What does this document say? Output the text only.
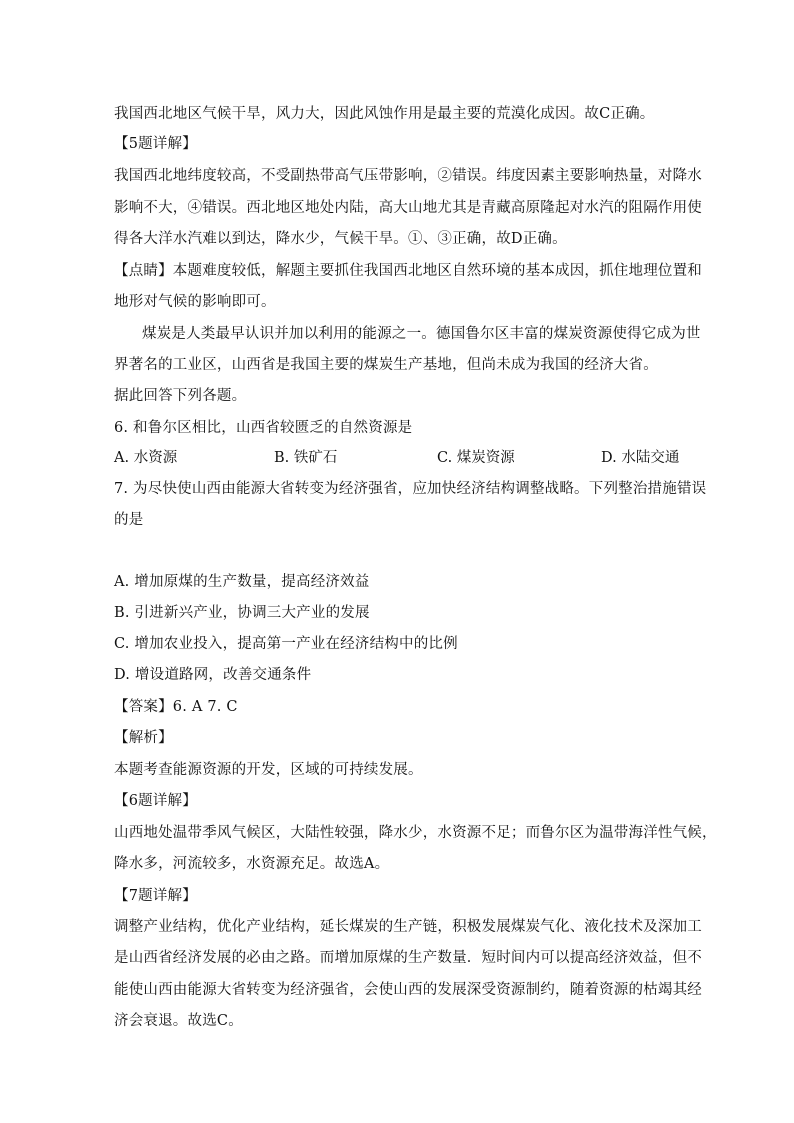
我国西北地区气候干旱，风力大，因此风蚀作用是最主要的荒漠化成因。故C正确。
【5题详解】
我国西北地纬度较高，不受副热带高气压带影响，②错误。纬度因素主要影响热量，对降水
影响不大，④错误。西北地区地处内陆，高大山地尤其是青藏高原隆起对水汽的阻隔作用使
得各大洋水汽难以到达，降水少，气候干旱。①、③正确，故D正确。
【点睛】本题难度较低，解题主要抓住我国西北地区自然环境的基本成因，抓住地理位置和
地形对气候的影响即可。
煤炭是人类最早认识并加以利用的能源之一。德国鲁尔区丰富的煤炭资源使得它成为世
界著名的工业区，山西省是我国主要的煤炭生产基地，但尚未成为我国的经济大省。
据此回答下列各题。
6. 和鲁尔区相比，山西省较匮乏的自然资源是
A. 水资源	B. 铁矿石	C. 煤炭资源	D. 水陆交通
7. 为尽快使山西由能源大省转变为经济强省，应加快经济结构调整战略。下列整治措施错误
的是
A. 增加原煤的生产数量，提高经济效益
B. 引进新兴产业，协调三大产业的发展
C. 增加农业投入，提高第一产业在经济结构中的比例
D. 增设道路网，改善交通条件
【答案】6. A 7. C
【解析】
本题考查能源资源的开发，区域的可持续发展。
【6题详解】
山西地处温带季风气候区，大陆性较强，降水少，水资源不足；而鲁尔区为温带海洋性气候，
降水多，河流较多，水资源充足。故选A。
【7题详解】
调整产业结构，优化产业结构，延长煤炭的生产链，积极发展煤炭气化、液化技术及深加工
是山西省经济发展的必由之路。而增加原煤的生产数量．短时间内可以提高经济效益，但不
能使山西由能源大省转变为经济强省，会使山西的发展深受资源制约，随着资源的枯竭其经
济会衰退。故选C。
